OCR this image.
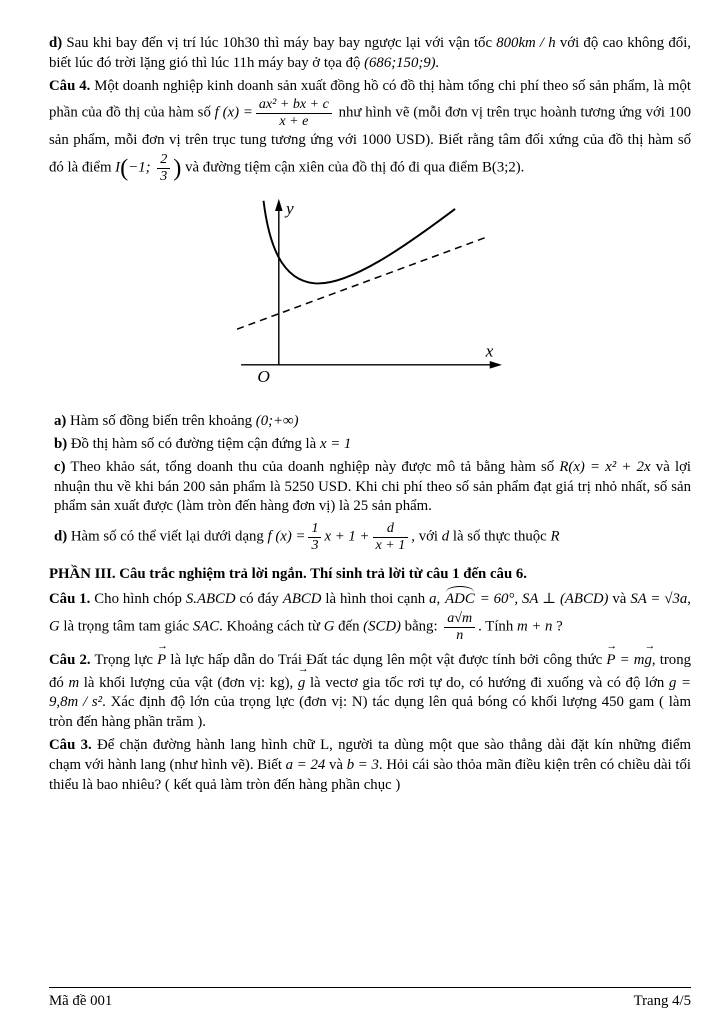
d) Sau khi bay đến vị trí lúc 10h30 thì máy bay bay ngược lại với vận tốc 800km / h với độ cao không đổi, biết lúc đó trời lặng gió thì lúc 11h máy bay ở tọa độ (686;150;9).

Câu 4. Một doanh nghiệp kinh doanh sản xuất đồng hồ có đồ thị hàm tổng chi phí theo số sản phẩm, là một phần của đồ thị của hàm số f $(x) = \frac{\text{ax² + bx + c}}{x + e}$ như hình vẽ (mỗi đơn vị trên trục hoành tương ứng với 100 sản phẩm, mỗi đơn vị trên trục tung tương ứng với 1000 USD). Biết rằng tâm đối xứng của đồ thị hàm số đó là điểm I(−1; $\frac{2}{3}$ ) và đường tiệm cận xiên của đồ thị đó đi qua điểm B(3;2).

y
x
O

a) Hàm số đồng biến trên khoảng (0;+∞)

b) Đồ thị hàm số có đường tiệm cận đứng là x = 1

c) Theo khảo sát, tổng doanh thu của doanh nghiệp này được mô tả bằng hàm số R(x) = x² + 2x và lợi nhuận thu về khi bán 200 sản phẩm là 5250 USD. Khi chi phí theo số sản phẩm đạt giá trị nhỏ nhất, số sản phẩm sản xuất được (làm tròn đến hàng đơn vị) là 25 sản phẩm.

d) Hàm số có thể viết lại dưới dạng f $(x) = \frac{1}{3}$ $x + 1 + \frac{d}{x + 1}$ , với d là số thực thuộc R

PHẦN III. Câu trắc nghiệm trả lời ngắn. Thí sinh trả lời từ câu 1 đến câu 6.

Câu 1. Cho hình chóp S.ABCD có đáy ABCD là hình thoi cạnh a, ADC = 60°, SA ⊥ (ABCD) và SA = √3a, G là trọng tâm tam giác SAC. Khoảng cách từ G đến (SCD) bằng: $\frac{a√m}{n}$ . Tính m + n ?

Câu 2. Trọng lực P → là lực hấp dẫn do Trái Đất tác dụng lên một vật được tính bởi công thức P → = mg →, trong đó m là khối lượng của vật (đơn vị: kg), g → là vectơ gia tốc rơi tự do, có hướng đi xuống và có độ lớn g = 9,8m / s². Xác định độ lớn của trọng lực (đơn vị: N) tác dụng lên quả bóng có khối lượng 450 gam ( làm tròn đến hàng phần trăm ).

Câu 3. Để chặn đường hành lang hình chữ L, người ta dùng một que sào thẳng dài đặt kín những điểm chạm với hành lang (như hình vẽ). Biết a = 24 và b = 3. Hỏi cái sào thỏa mãn điều kiện trên có chiều dài tối thiểu là bao nhiêu? ( kết quả làm tròn đến hàng phần chục )

Mã đề 001	Trang 4/5
